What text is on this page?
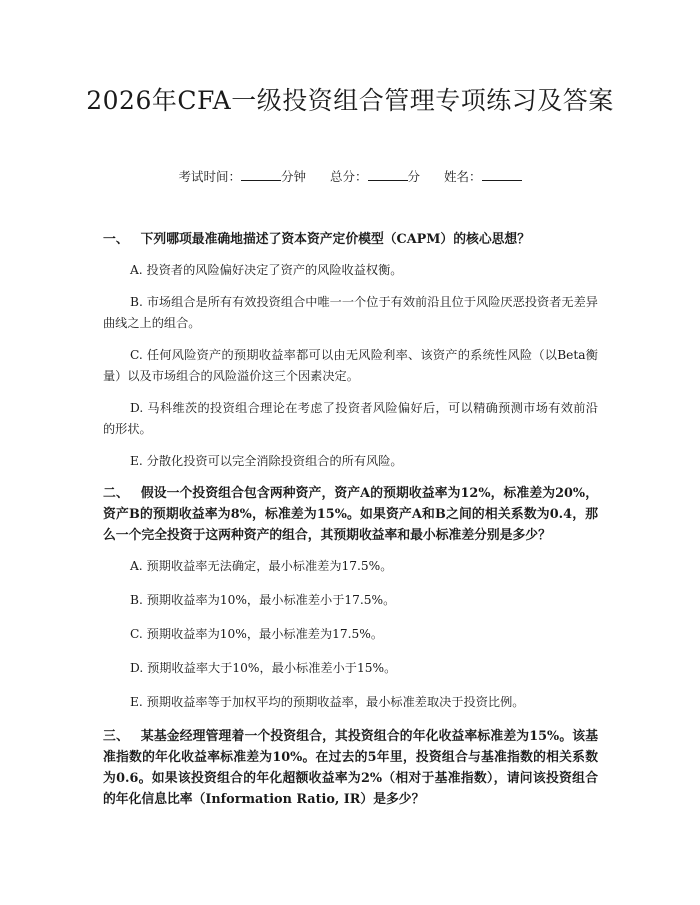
2026年CFA一级投资组合管理专项练习及答案
考试时间：	分钟 总分：	分 姓名：
一、 下列哪项最准确地描述了资本资产定价模型（CAPM）的核心思想？
A. 投资者的风险偏好决定了资产的风险收益权衡。
B. 市场组合是所有有效投资组合中唯一一个位于有效前沿且位于风险厌恶投资者无差异曲线之上的组合。
C. 任何风险资产的预期收益率都可以由无风险利率、该资产的系统性风险（以Beta衡量）以及市场组合的风险溢价这三个因素决定。
D. 马科维茨的投资组合理论在考虑了投资者风险偏好后，可以精确预测市场有效前沿的形状。
E. 分散化投资可以完全消除投资组合的所有风险。
二、 假设一个投资组合包含两种资产，资产A的预期收益率为12%，标准差为20%，资产B的预期收益率为8%，标准差为15%。如果资产A和B之间的相关系数为0.4，那么一个完全投资于这两种资产的组合，其预期收益率和最小标准差分别是多少？
A. 预期收益率无法确定，最小标准差为17.5%。
B. 预期收益率为10%，最小标准差小于17.5%。
C. 预期收益率为10%，最小标准差为17.5%。
D. 预期收益率大于10%，最小标准差小于15%。
E. 预期收益率等于加权平均的预期收益率，最小标准差取决于投资比例。
三、 某基金经理管理着一个投资组合，其投资组合的年化收益率标准差为15%。该基准指数的年化收益率标准差为10%。在过去的5年里，投资组合与基准指数的相关系数为0.6。如果该投资组合的年化超额收益率为2%（相对于基准指数），请问该投资组合的年化信息比率（Information Ratio, IR）是多少？
